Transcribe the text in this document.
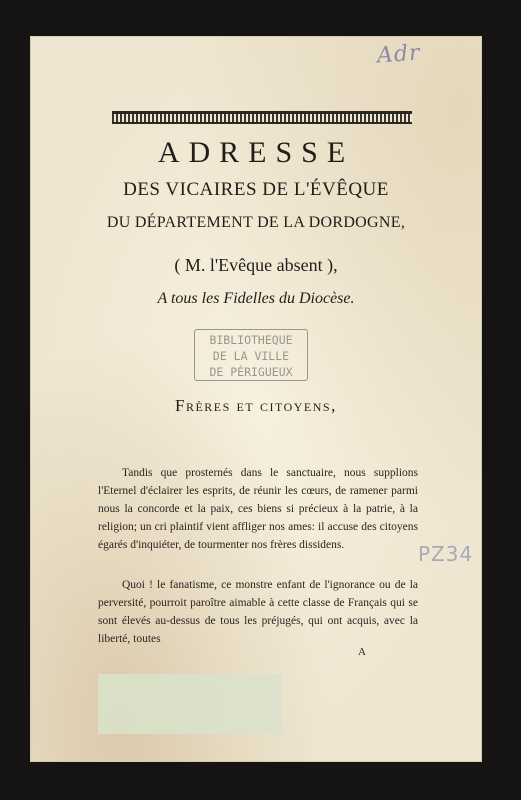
Adr
ADRESSE
DES VICAIRES DE L'ÉVÊQUE
DU DÉPARTEMENT DE LA DORDOGNE,
( M. l'Evêque absent ),
A tous les Fidelles du Diocèse.
BIBLIOTHEQUE
DE LA VILLE
DE PÉRIGUEUX
Frères et citoyens,
Tandis que prosternés dans le sanctuaire, nous supplions l'Eternel d'éclairer les esprits, de réunir les cœurs, de ramener parmi nous la concorde et la paix, ces biens si précieux à la patrie, à la religion; un cri plaintif vient affliger nos ames: il accuse des citoyens égarés d'inquiéter, de tourmenter nos frères dissidens.
Quoi ! le fanatisme, ce monstre enfant de l'ignorance ou de la perversité, pourroit paroître aimable à cette classe de Français qui se sont élevés au-dessus de tous les préjugés, qui ont acquis, avec la liberté, toutes
A
PZ34
